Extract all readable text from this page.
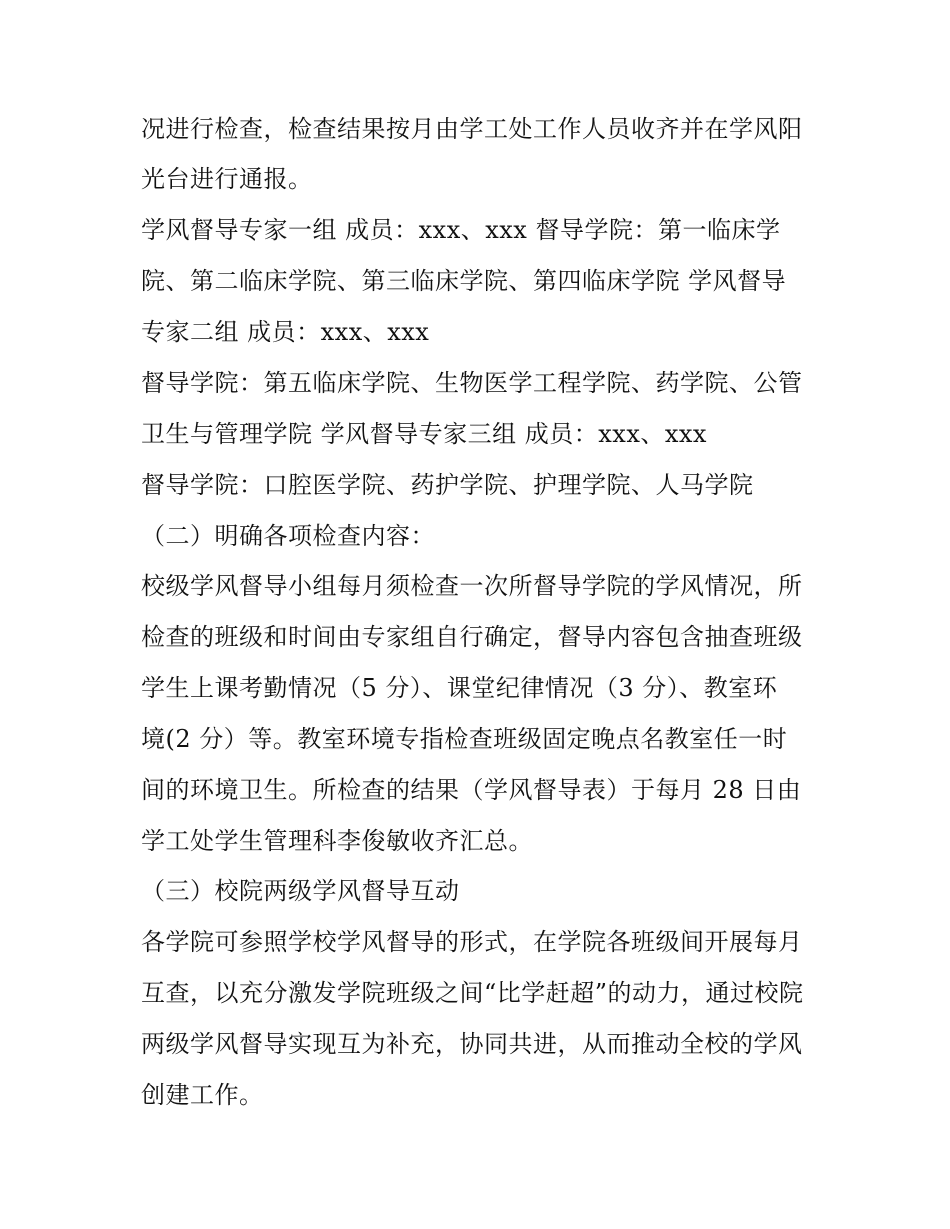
况进行检查，检查结果按月由学工处工作人员收齐并在学风阳
光台进行通报。
学风督导专家一组 成员：xxx、xxx 督导学院：第一临床学
院、第二临床学院、第三临床学院、第四临床学院 学风督导
专家二组 成员：xxx、xxx
督导学院：第五临床学院、生物医学工程学院、药学院、公管
卫生与管理学院 学风督导专家三组 成员：xxx、xxx
督导学院：口腔医学院、药护学院、护理学院、人马学院
（二）明确各项检查内容：
校级学风督导小组每月须检查一次所督导学院的学风情况，所
检查的班级和时间由专家组自行确定，督导内容包含抽查班级
学生上课考勤情况（5 分）、课堂纪律情况（3 分）、教室环
境(2 分）等。教室环境专指检查班级固定晚点名教室任一时
间的环境卫生。所检查的结果（学风督导表）于每月 28 日由
学工处学生管理科李俊敏收齐汇总。
（三）校院两级学风督导互动
各学院可参照学校学风督导的形式，在学院各班级间开展每月
互查，以充分激发学院班级之间“比学赶超”的动力，通过校院
两级学风督导实现互为补充，协同共进，从而推动全校的学风
创建工作。
